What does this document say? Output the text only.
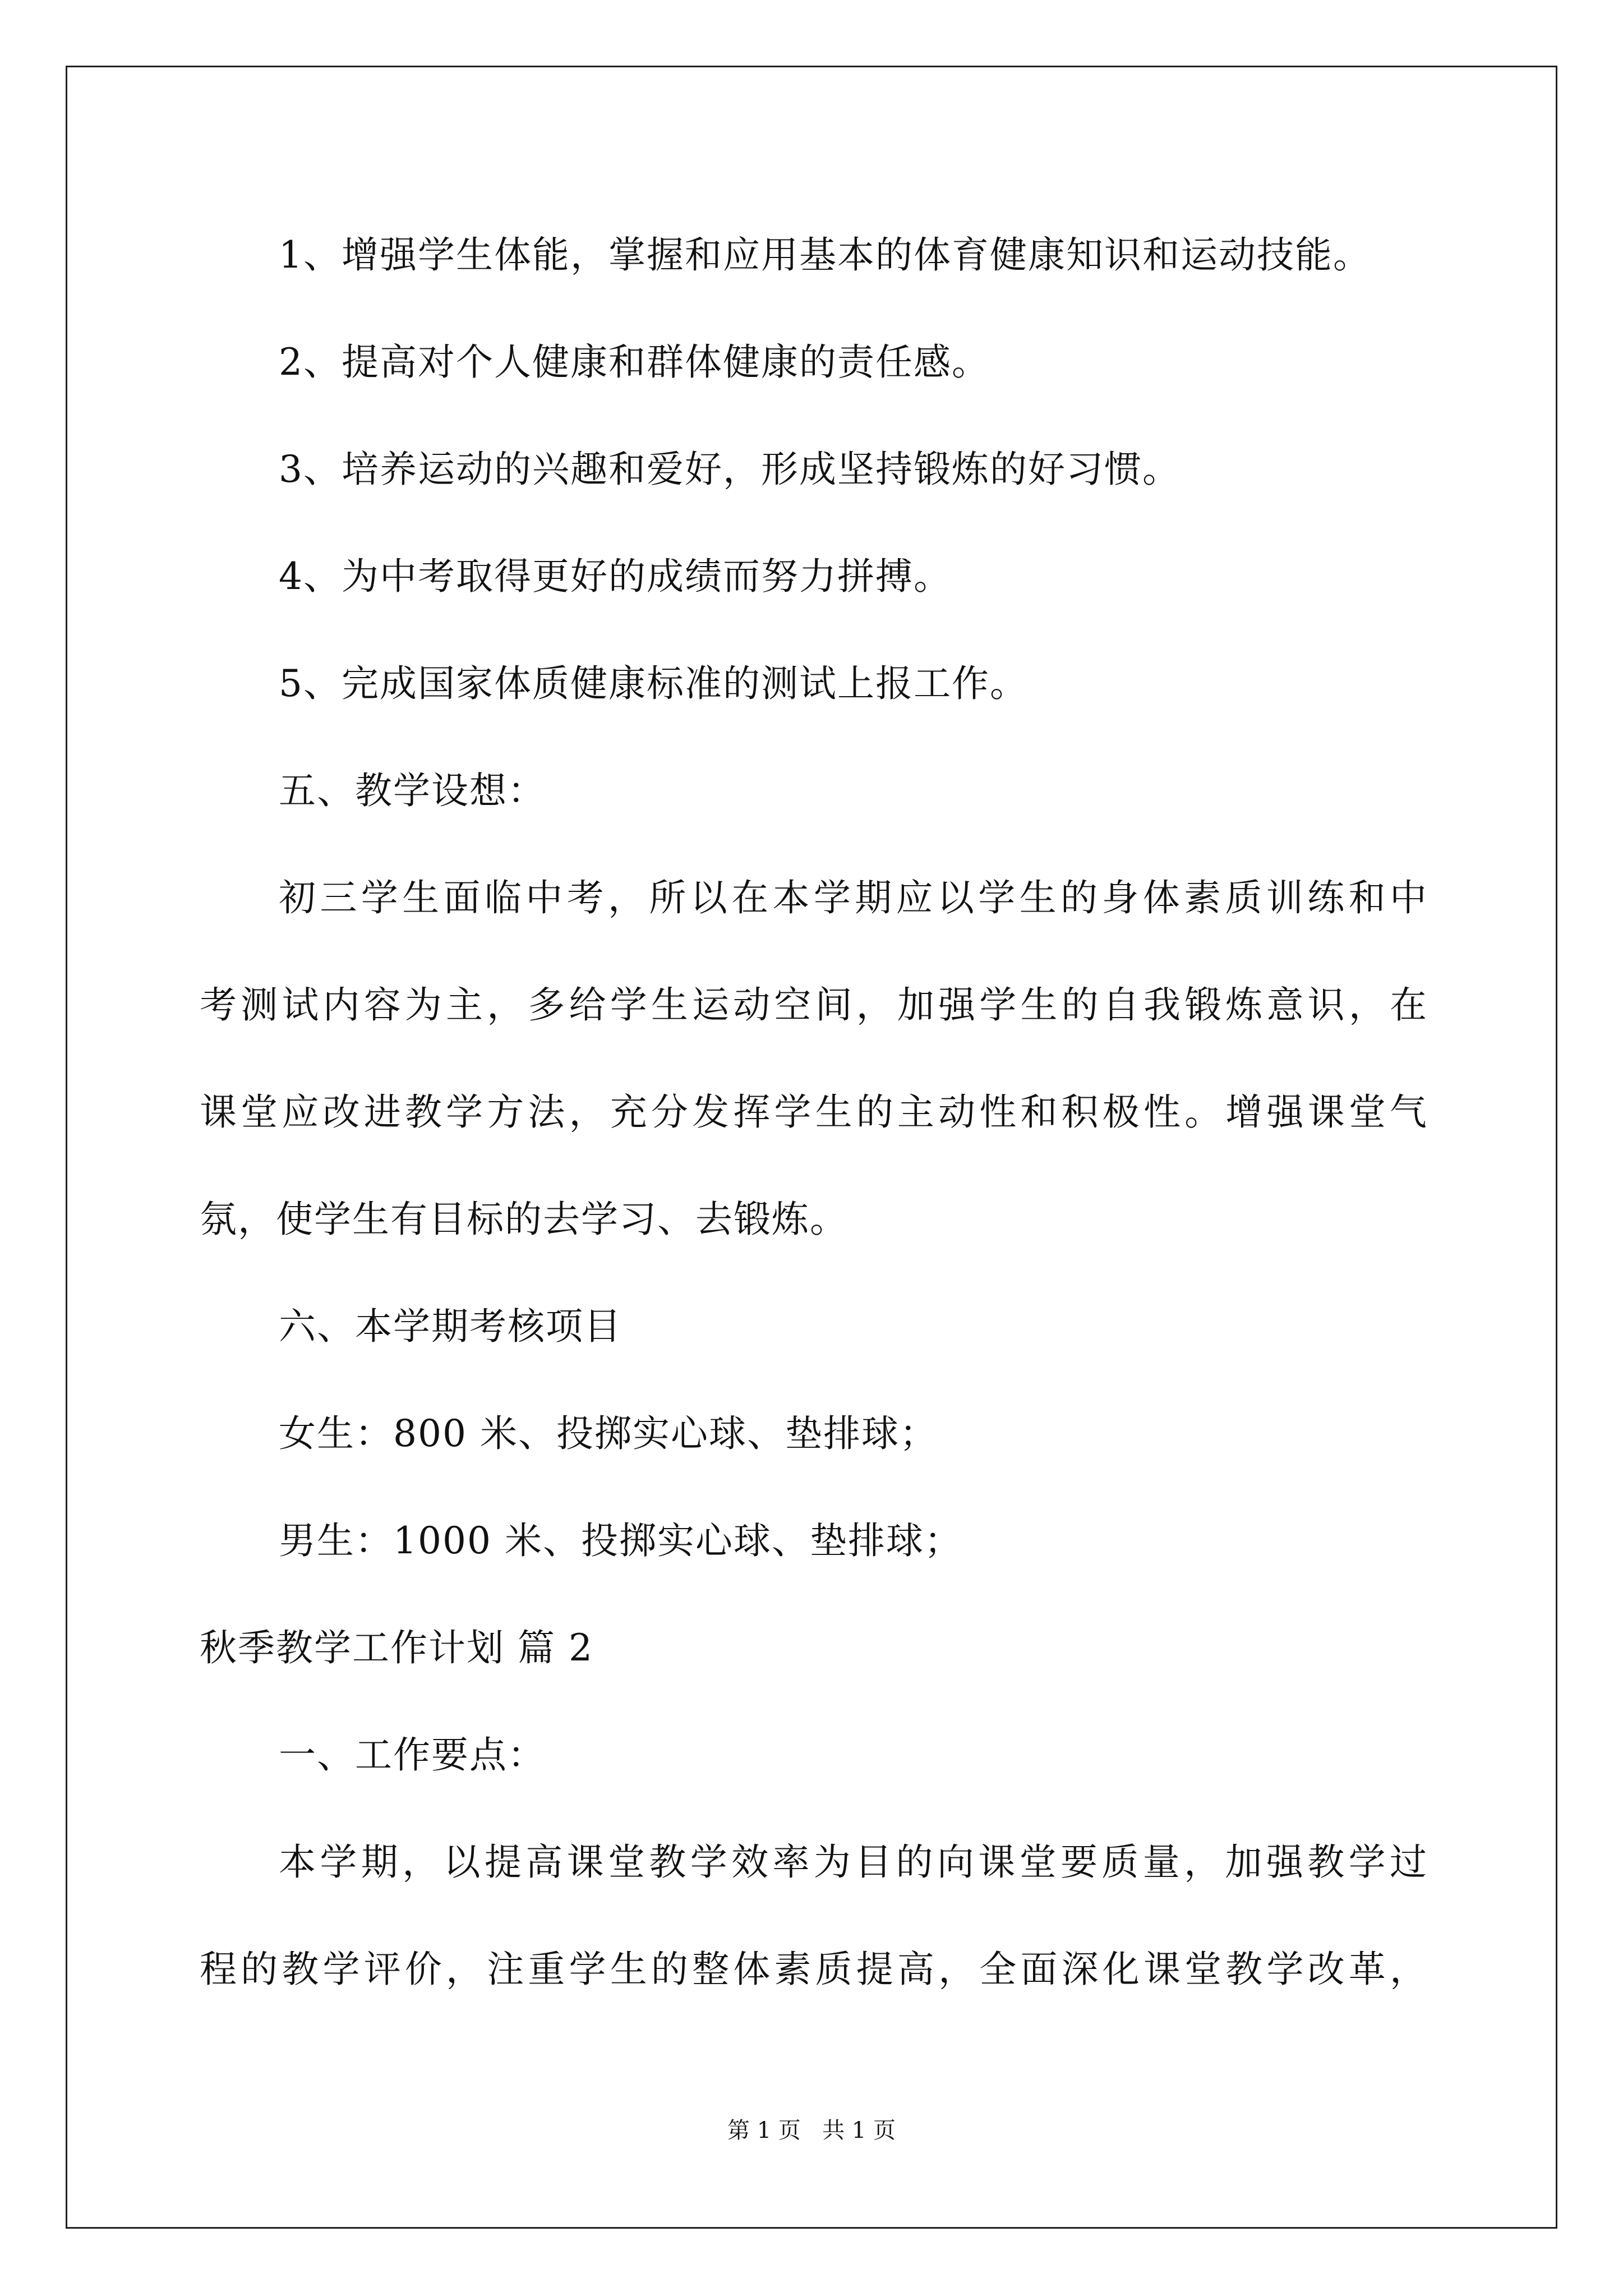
1、增强学生体能，掌握和应用基本的体育健康知识和运动技能。
2、提高对个人健康和群体健康的责任感。
3、培养运动的兴趣和爱好，形成坚持锻炼的好习惯。
4、为中考取得更好的成绩而努力拼搏。
5、完成国家体质健康标准的测试上报工作。
五、教学设想：
初三学生面临中考，所以在本学期应以学生的身体素质训练和中
考测试内容为主，多给学生运动空间，加强学生的自我锻炼意识，在
课堂应改进教学方法，充分发挥学生的主动性和积极性。增强课堂气
氛，使学生有目标的去学习、去锻炼。
六、本学期考核项目
女生：800 米、投掷实心球、垫排球；
男生：1000 米、投掷实心球、垫排球；
秋季教学工作计划 篇 2
一、工作要点：
本学期，以提高课堂教学效率为目的向课堂要质量，加强教学过
程的教学评价，注重学生的整体素质提高，全面深化课堂教学改革，
第 1 页   共 1 页
